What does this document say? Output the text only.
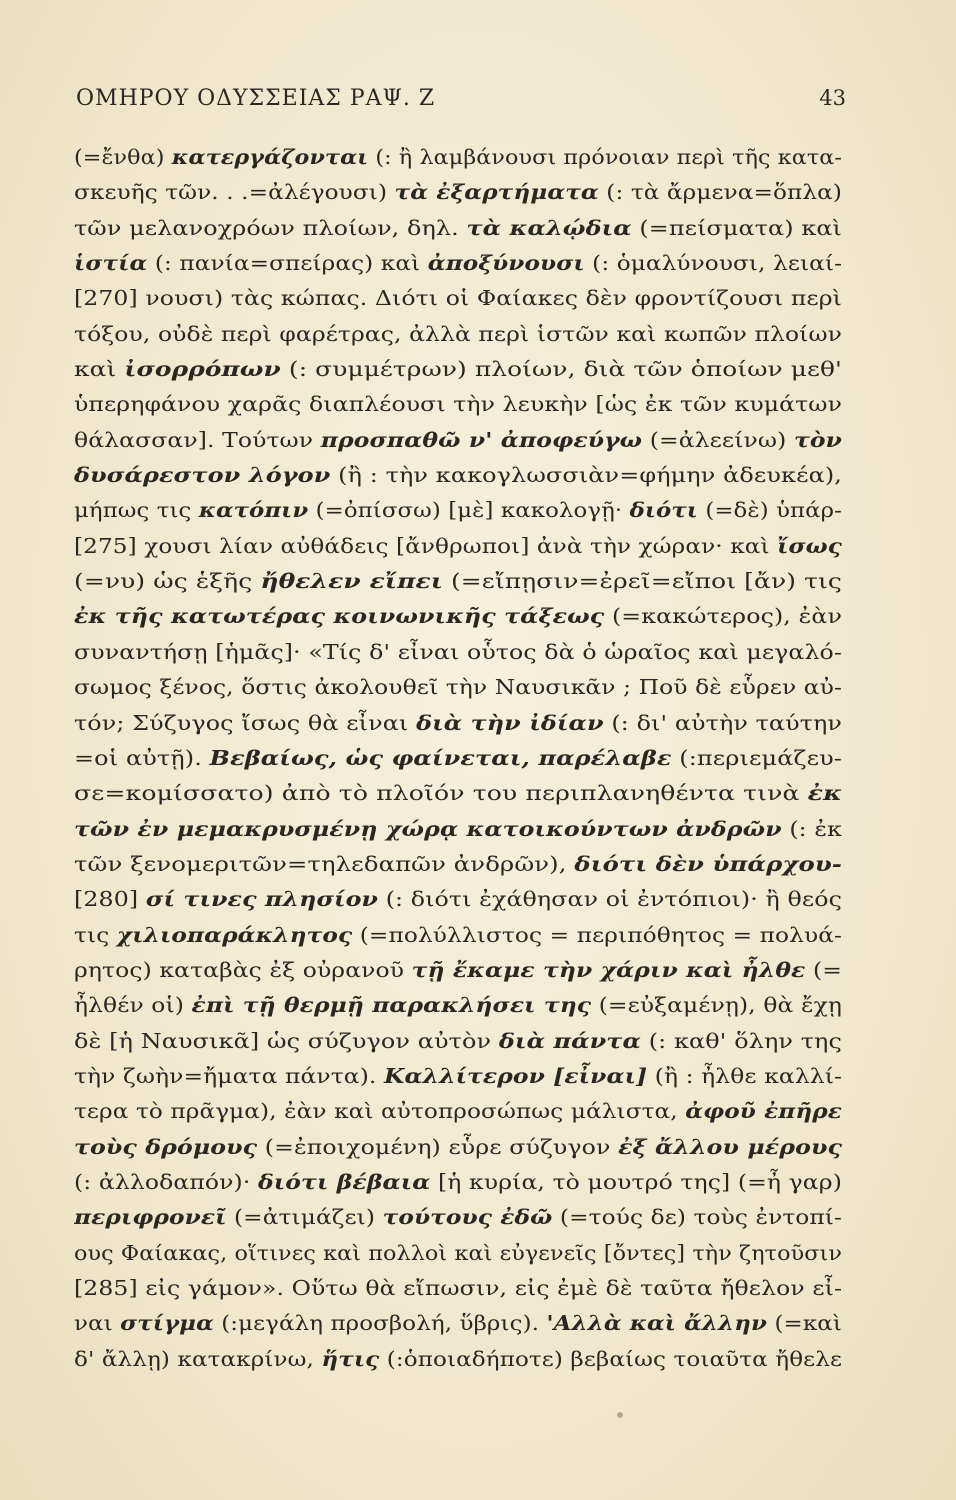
ΟΜΗΡΟΥ ΟΔΥΣΣΕΙΑΣ ΡΑΨ. Ζ	43
(=ἔνθα) κατεργάζονται (: ἢ λαμβάνουσι πρόνοιαν περὶ τῆς κατα-
σκευῆς τῶν. . .=ἀλέγουσι) τὰ ἐξαρτήματα (: τὰ ἄρμενα=ὅπλα)
τῶν μελανοχρόων πλοίων, δηλ. τὰ καλῴδια (=πείσματα) καὶ
ἱστία (: πανία=σπείρας) καὶ ἀποξύνουσι (: ὁμαλύνουσι, λειαί-
[270] νουσι) τὰς κώπας. Διότι οἱ Φαίακες δὲν φροντίζουσι περὶ
τόξου, οὐδὲ περὶ φαρέτρας, ἀλλὰ περὶ ἱστῶν καὶ κωπῶν πλοίων
καὶ ἰσορρόπων (: συμμέτρων) πλοίων, διὰ τῶν ὁποίων μεθ'
ὑπερηφάνου χαρᾶς διαπλέουσι τὴν λευκὴν [ὡς ἐκ τῶν κυμάτων
θάλασσαν]. Τούτων προσπαθῶ ν' ἀποφεύγω (=ἀλεείνω) τὸν
δυσάρεστον λόγον (ἢ : τὴν κακογλωσσιὰν=φήμην ἀδευκέα),
μήπως τις κατόπιν (=ὀπίσσω) [μὲ] κακολογῇ· διότι (=δὲ) ὑπάρ-
[275] χουσι λίαν αὐθάδεις [ἄνθρωποι] ἀνὰ τὴν χώραν· καὶ ἴσως
(=νυ) ὡς ἑξῆς ἤθελεν εἴπει (=εἴπῃσιν=ἐρεῖ=εἴποι [ἄν) τις
ἐκ τῆς κατωτέρας κοινωνικῆς τάξεως (=κακώτερος), ἐὰν
συναντήσῃ [ἡμᾶς]· «Τίς δ' εἶναι οὗτος δὰ ὁ ὡραῖος καὶ μεγαλό-
σωμος ξένος, ὅστις ἀκολουθεῖ τὴν Ναυσικᾶν ; Ποῦ δὲ εὗρεν αὐ-
τόν; Σύζυγος ἴσως θὰ εἶναι διὰ τὴν ἰδίαν (: δι' αὐτὴν ταύτην
=οἱ αὐτῇ). Βεβαίως, ὡς φαίνεται, παρέλαβε (:περιεμάζευ-
σε=κομίσσατο) ἀπὸ τὸ πλοῖόν του περιπλανηθέντα τινὰ ἐκ
τῶν ἐν μεμακρυσμένῃ χώρᾳ κατοικούντων ἀνδρῶν (: ἐκ
τῶν ξενομεριτῶν=τηλεδαπῶν ἀνδρῶν), διότι δὲν ὑπάρχου-
[280] σί τινες πλησίον (: διότι ἐχάθησαν οἱ ἐντόπιοι)· ἢ θεός
τις χιλιοπαράκλητος (=πολύλλιστος = περιπόθητος = πολυά-
ρητος) καταβὰς ἐξ οὐρανοῦ τῇ ἔκαμε τὴν χάριν καὶ ἦλθε (=
ἦλθέν οἱ) ἐπὶ τῇ θερμῇ παρακλήσει της (=εὐξαμένῃ), θὰ ἔχῃ
δὲ [ἡ Ναυσικᾶ] ὡς σύζυγον αὐτὸν διὰ πάντα (: καθ' ὅλην της
τὴν ζωὴν=ἤματα πάντα). Καλλίτερον [εἶναι] (ἢ : ἦλθε καλλί-
τερα τὸ πρᾶγμα), ἐὰν καὶ αὐτοπροσώπως μάλιστα, ἀφοῦ ἐπῆρε
τοὺς δρόμους (=ἐποιχομένη) εὗρε σύζυγον ἐξ ἄλλου μέρους
(: ἀλλοδαπόν)· διότι βέβαια [ἡ κυρία, τὸ μουτρό της] (=ἦ γαρ)
περιφρονεῖ (=ἀτιμάζει) τούτους ἐδῶ (=τούς δε) τοὺς ἐντοπί-
ους Φαίακας, οἵτινες καὶ πολλοὶ καὶ εὐγενεῖς [ὄντες] τὴν ζητοῦσιν
[285] εἰς γάμον». Οὕτω θὰ εἴπωσιν, εἰς ἐμὲ δὲ ταῦτα ἤθελον εἶ-
ναι στίγμα (:μεγάλη προσβολή, ὕβρις). 'Αλλὰ καὶ ἄλλην (=καὶ
δ' ἄλλῃ) κατακρίνω, ἥτις (:ὁποιαδήποτε) βεβαίως τοιαῦτα ἤθελε
